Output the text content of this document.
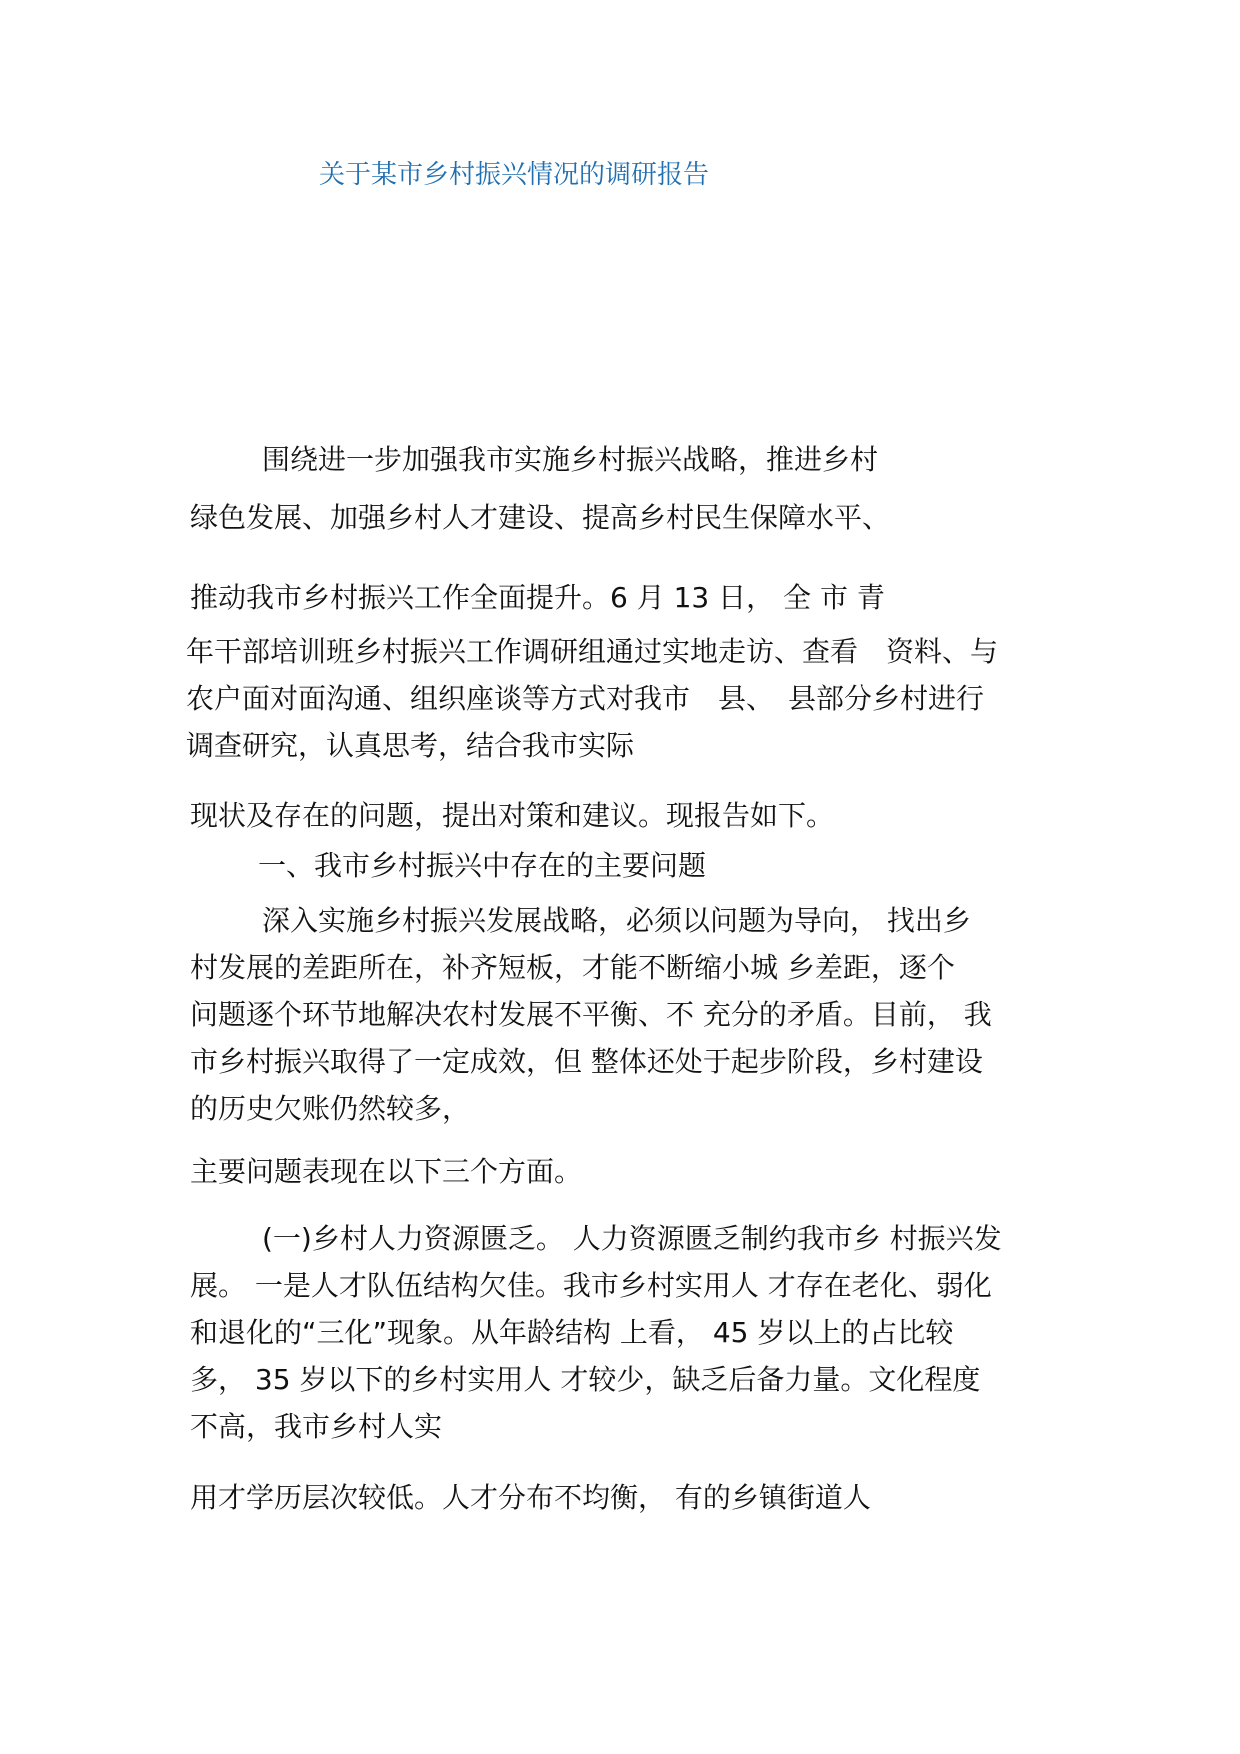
关于某市乡村振兴情况的调研报告
围绕进一步加强我市实施乡村振兴战略，推进乡村
绿色发展、加强乡村人才建设、提高乡村民生保障水平、
推动我市乡村振兴工作全面提升。6 月 13 日， 全 市 青
年干部培训班乡村振兴工作调研组通过实地走访、查看　资料、与
农户面对面沟通、组织座谈等方式对我市　县、　县部分乡村进行
调查研究，认真思考，结合我市实际
现状及存在的问题，提出对策和建议。现报告如下。
一、我市乡村振兴中存在的主要问题
深入实施乡村振兴发展战略，必须以问题为导向， 找出乡
村发展的差距所在，补齐短板，才能不断缩小城 乡差距，逐个
问题逐个环节地解决农村发展不平衡、不 充分的矛盾。目前， 我
市乡村振兴取得了一定成效，但 整体还处于起步阶段，乡村建设
的历史欠账仍然较多，
主要问题表现在以下三个方面。
(一)乡村人力资源匮乏。 人力资源匮乏制约我市乡 村振兴发
展。 一是人才队伍结构欠佳。我市乡村实用人 才存在老化、弱化
和退化的“三化”现象。从年龄结构 上看， 45 岁以上的占比较
多， 35 岁以下的乡村实用人 才较少，缺乏后备力量。文化程度
不高，我市乡村人实
用才学历层次较低。人才分布不均衡， 有的乡镇街道人
